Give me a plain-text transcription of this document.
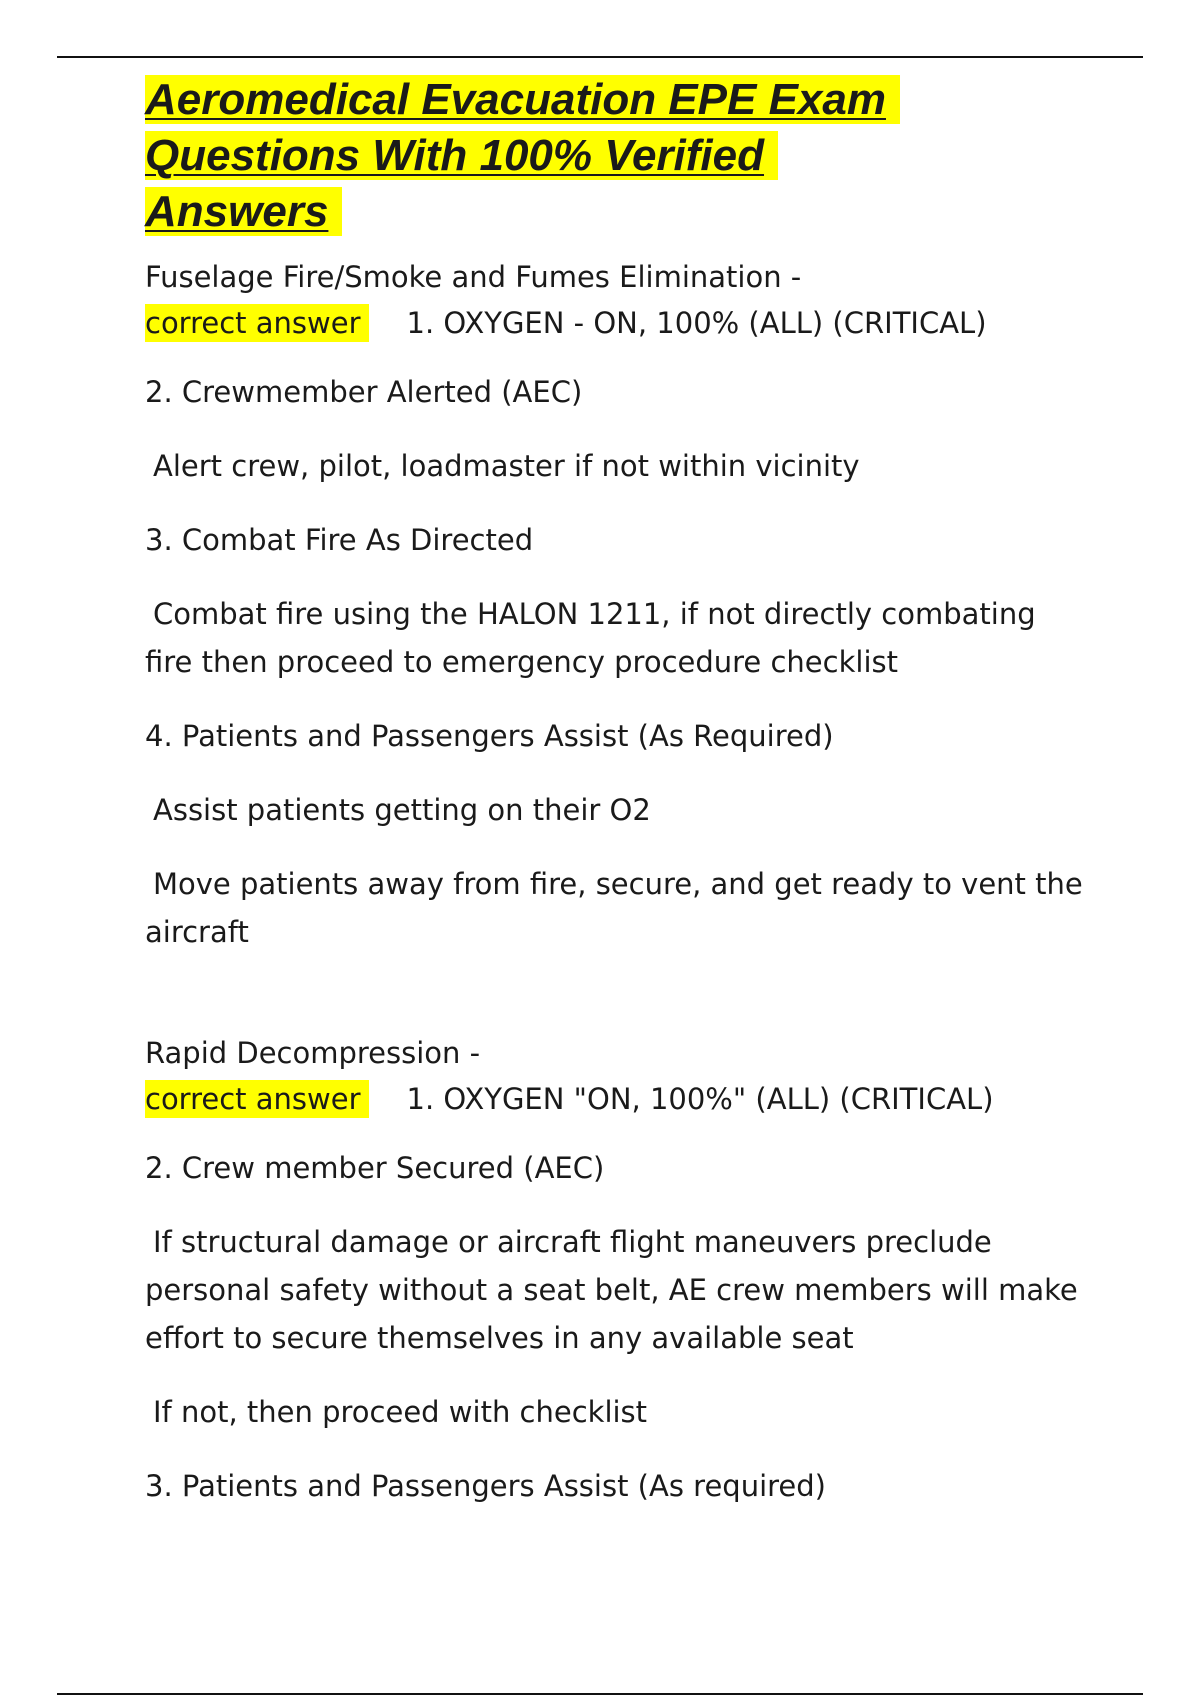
Aeromedical Evacuation EPE Exam
Questions With 100% Verified
Answers

Fuselage Fire/Smoke and Fumes Elimination -

correct answer 1. OXYGEN - ON, 100% (ALL) (CRITICAL)

2. Crewmember Alerted (AEC)

Alert crew, pilot, loadmaster if not within vicinity

3. Combat Fire As Directed

Combat fire using the HALON 1211, if not directly combating fire then proceed to emergency procedure checklist

4. Patients and Passengers Assist (As Required)

Assist patients getting on their O2

Move patients away from fire, secure, and get ready to vent the aircraft

Rapid Decompression -

correct answer 1. OXYGEN "ON, 100%" (ALL) (CRITICAL)

2. Crew member Secured (AEC)

If structural damage or aircraft flight maneuvers preclude personal safety without a seat belt, AE crew members will make effort to secure themselves in any available seat

If not, then proceed with checklist

3. Patients and Passengers Assist (As required)
